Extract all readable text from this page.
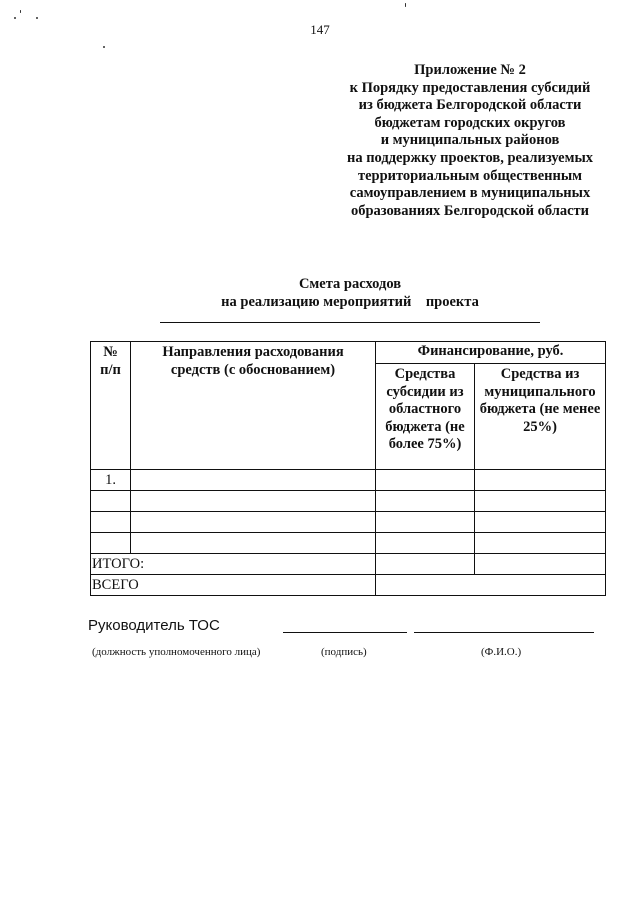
147
Приложение № 2
к Порядку предоставления субсидий
из бюджета Белгородской области
бюджетам городских округов
и муниципальных районов
на поддержку проектов, реализуемых
территориальным общественным
самоуправлением в муниципальных
образованиях Белгородской области
Смета расходов
на реализацию мероприятий    проекта
№ п/п	Направления расходования средств (с обоснованием)	Финансирование, руб.	
		Средства субсидии из областного бюджета (не более 75%)	Средства из муниципального бюджета (не менее 25%)
1.			

ИТОГО:			
ВСЕГО			
Руководитель ТОС
(должность уполномоченного лица)	(подпись)	(Ф.И.О.)
